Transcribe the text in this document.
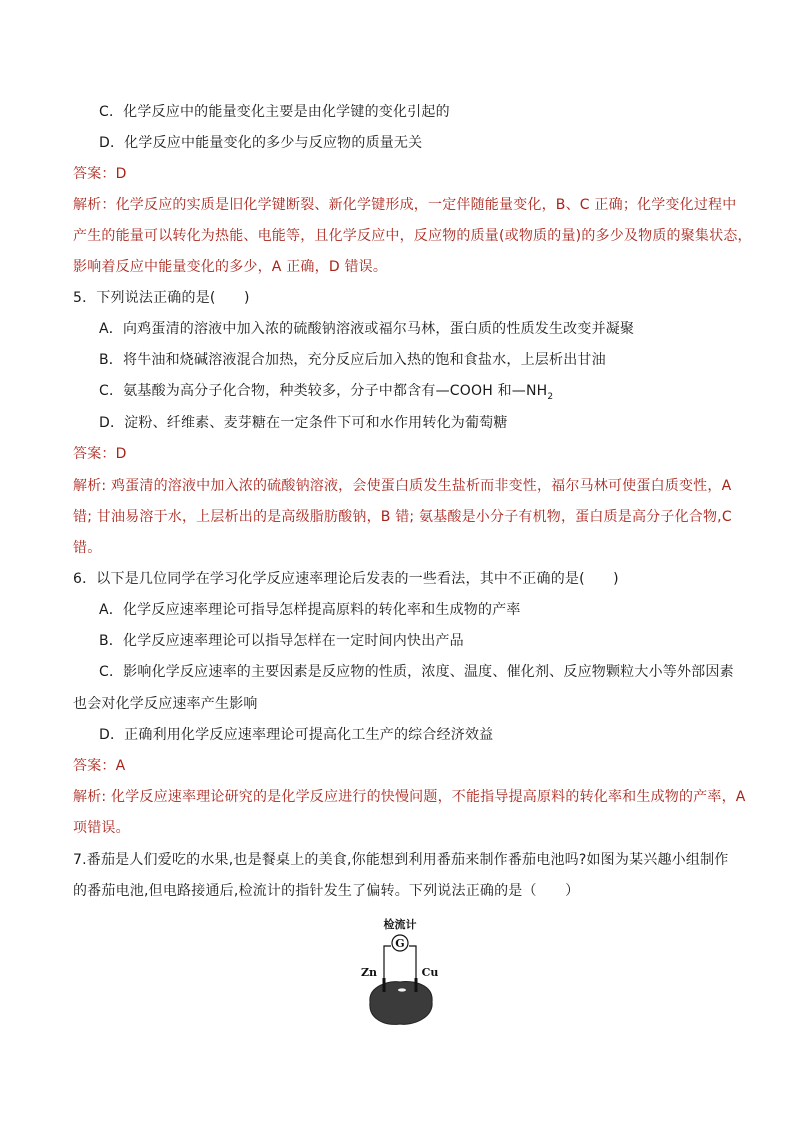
C．化学反应中的能量变化主要是由化学键的变化引起的
D．化学反应中能量变化的多少与反应物的质量无关
答案：D
解析：化学反应的实质是旧化学键断裂、新化学键形成，一定伴随能量变化，B、C 正确；化学变化过程中
产生的能量可以转化为热能、电能等，且化学反应中，反应物的质量(或物质的量)的多少及物质的聚集状态，
影响着反应中能量变化的多少，A 正确，D 错误。
5．下列说法正确的是(　　)
A．向鸡蛋清的溶液中加入浓的硫酸钠溶液或福尔马林，蛋白质的性质发生改变并凝聚
B．将牛油和烧碱溶液混合加热，充分反应后加入热的饱和食盐水，上层析出甘油
C．氨基酸为高分子化合物，种类较多，分子中都含有—COOH 和$—NH_2$
D．淀粉、纤维素、麦芽糖在一定条件下可和水作用转化为葡萄糖
答案：D
解析: 鸡蛋清的溶液中加入浓的硫酸钠溶液，会使蛋白质发生盐析而非变性，福尔马林可使蛋白质变性，A
错; 甘油易溶于水，上层析出的是高级脂肪酸钠，B 错; 氨基酸是小分子有机物，蛋白质是高分子化合物,C
错。
6．以下是几位同学在学习化学反应速率理论后发表的一些看法，其中不正确的是(　　)
A．化学反应速率理论可指导怎样提高原料的转化率和生成物的产率
B．化学反应速率理论可以指导怎样在一定时间内快出产品
C．影响化学反应速率的主要因素是反应物的性质，浓度、温度、催化剂、反应物颗粒大小等外部因素
也会对化学反应速率产生影响
D．正确利用化学反应速率理论可提高化工生产的综合经济效益
答案：A
解析: 化学反应速率理论研究的是化学反应进行的快慢问题，不能指导提高原料的转化率和生成物的产率，A
项错误。
7.番茄是人们爱吃的水果,也是餐桌上的美食,你能想到利用番茄来制作番茄电池吗?如图为某兴趣小组制作
的番茄电池,但电路接通后,检流计的指针发生了偏转。下列说法正确的是（　　）
检流计
G
Zn	Cu
